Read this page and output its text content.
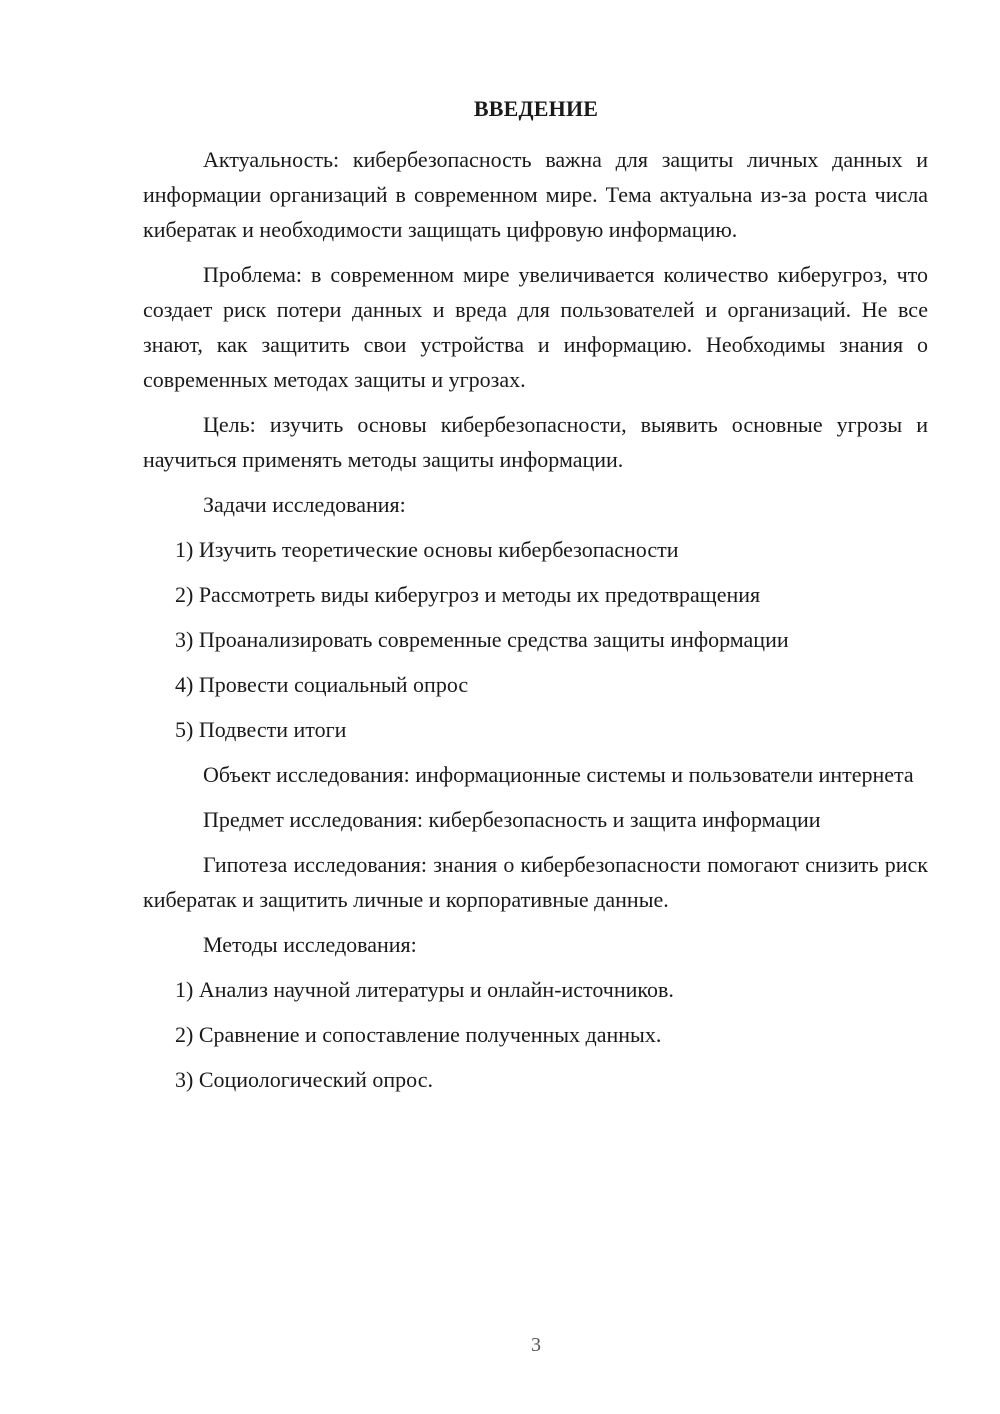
ВВЕДЕНИЕ

Актуальность: кибербезопасность важна для защиты личных данных и информации организаций в современном мире. Тема актуальна из-за роста числа кибератак и необходимости защищать цифровую информацию.

Проблема: в современном мире увеличивается количество киберугроз, что создает риск потери данных и вреда для пользователей и организаций. Не все знают, как защитить свои устройства и информацию. Необходимы знания о современных методах защиты и угрозах.

Цель: изучить основы кибербезопасности, выявить основные угрозы и научиться применять методы защиты информации.

Задачи исследования:

1) Изучить теоретические основы кибербезопасности
2) Рассмотреть виды киберугроз и методы их предотвращения
3) Проанализировать современные средства защиты информации
4) Провести социальный опрос
5) Подвести итоги

Объект исследования: информационные системы и пользователи интернета

Предмет исследования: кибербезопасность и защита информации

Гипотеза исследования: знания о кибербезопасности помогают снизить риск кибератак и защитить личные и корпоративные данные.

Методы исследования:

1) Анализ научной литературы и онлайн-источников.
2) Сравнение и сопоставление полученных данных.
3) Социологический опрос.
3
